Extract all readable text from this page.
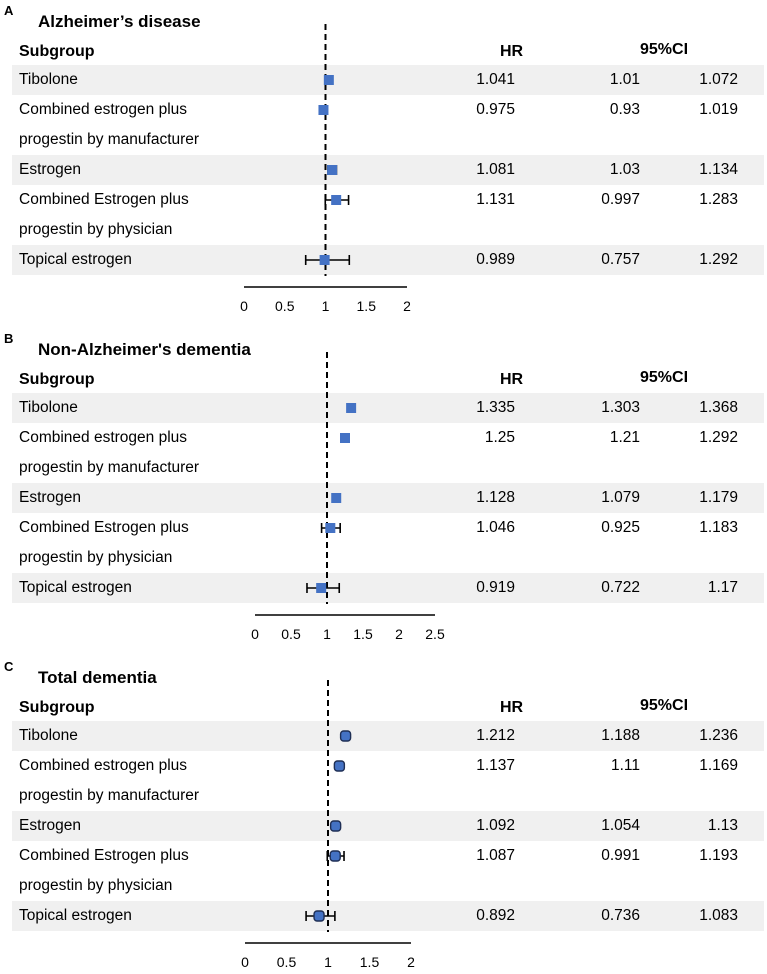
A
Alzheimer’s disease
Subgroup	HR	95%CI
Tibolone	1.041	1.01	1.072
Combined estrogen plus
progestin by manufacturer
0.975	0.93	1.019
Estrogen	1.081	1.03	1.134
Combined Estrogen plus
progestin by physician
1.131	0.997	1.283
Topical estrogen	0.989	0.757	1.292
0 0.5 1 1.5 2
B
Non-Alzheimer's dementia
Subgroup	HR	95%CI
Tibolone	1.335	1.303	1.368
Combined estrogen plus
progestin by manufacturer
1.25	1.21	1.292
Estrogen	1.128	1.079	1.179
Combined Estrogen plus
progestin by physician
1.046	0.925	1.183
Topical estrogen	0.919	0.722	1.17
0 0.5 1 1.5 2 2.5
C
Total dementia
Subgroup	HR	95%CI
Tibolone	1.212	1.188	1.236
Combined estrogen plus
progestin by manufacturer
1.137	1.11	1.169
Estrogen	1.092	1.054	1.13
Combined Estrogen plus
progestin by physician
1.087	0.991	1.193
Topical estrogen	0.892	0.736	1.083
0 0.5 1 1.5 2
